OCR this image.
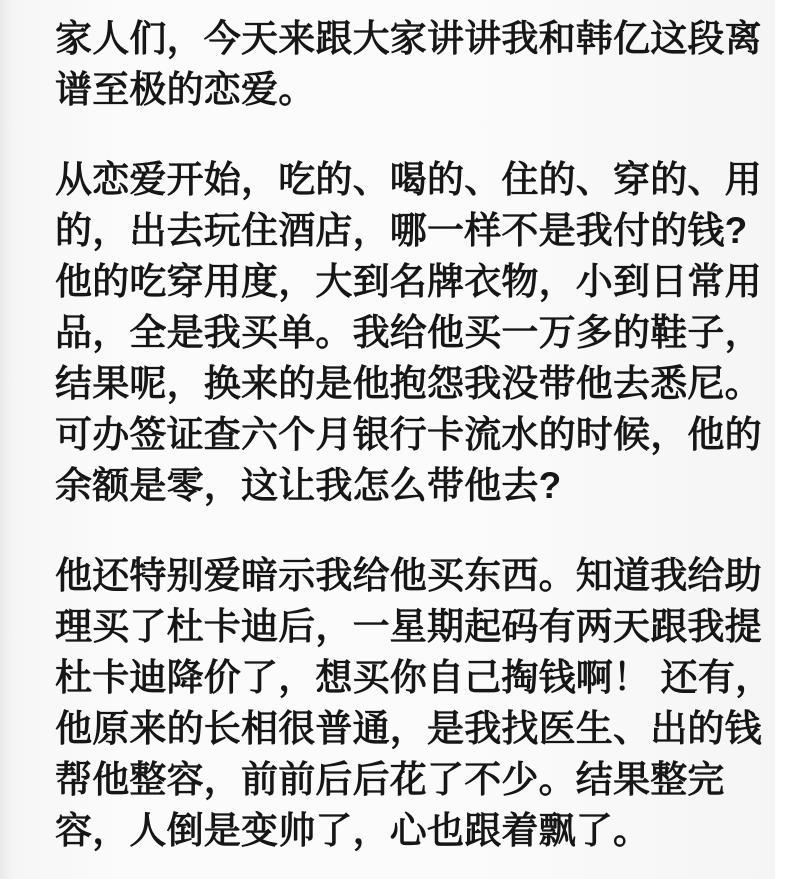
家人们，今天来跟大家讲讲我和韩亿这段离
谱至极的恋爱。

从恋爱开始，吃的、喝的、住的、穿的、用
的，出去玩住酒店，哪一样不是我付的钱?
他的吃穿用度，大到名牌衣物，小到日常用
品，全是我买单。我给他买一万多的鞋子，
结果呢，换来的是他抱怨我没带他去悉尼。
可办签证查六个月银行卡流水的时候，他的
余额是零，这让我怎么带他去?

他还特别爱暗示我给他买东西。知道我给助
理买了杜卡迪后，一星期起码有两天跟我提
杜卡迪降价了，想买你自己掏钱啊！ 还有，
他原来的长相很普通，是我找医生、出的钱
帮他整容，前前后后花了不少。结果整完
容，人倒是变帅了，心也跟着飘了。
